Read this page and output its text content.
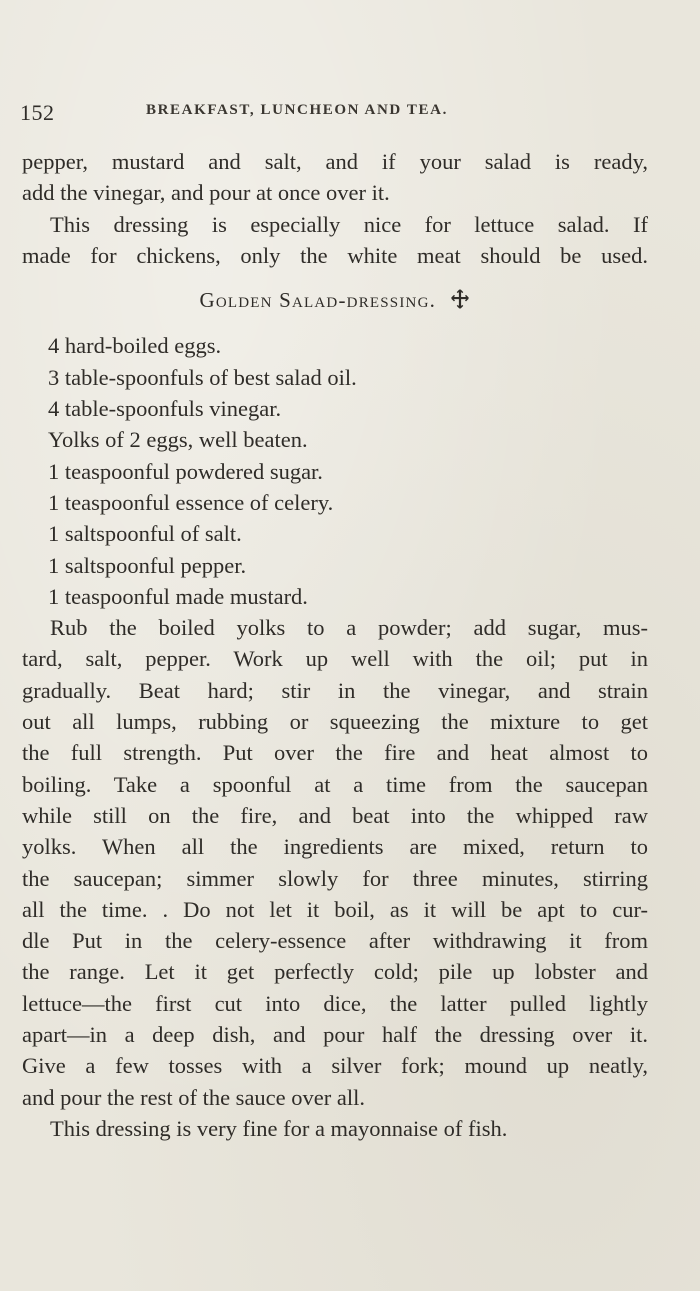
152	BREAKFAST, LUNCHEON AND TEA.
pepper, mustard and salt, and if your salad is ready,
add the vinegar, and pour at once over it.
This dressing is especially nice for lettuce salad. If
made for chickens, only the white meat should be used.
Golden Salad-dressing.
4 hard-boiled eggs.
3 table-spoonfuls of best salad oil.
4 table-spoonfuls vinegar.
Yolks of 2 eggs, well beaten.
1 teaspoonful powdered sugar.
1 teaspoonful essence of celery.
1 saltspoonful of salt.
1 saltspoonful pepper.
1 teaspoonful made mustard.
Rub the boiled yolks to a powder; add sugar, mus-
tard, salt, pepper. Work up well with the oil; put in
gradually. Beat hard; stir in the vinegar, and strain
out all lumps, rubbing or squeezing the mixture to get
the full strength. Put over the fire and heat almost to
boiling. Take a spoonful at a time from the saucepan
while still on the fire, and beat into the whipped raw
yolks. When all the ingredients are mixed, return to
the saucepan; simmer slowly for three minutes, stirring
all the time. . Do not let it boil, as it will be apt to cur-
dle Put in the celery-essence after withdrawing it from
the range. Let it get perfectly cold; pile up lobster and
lettuce—the first cut into dice, the latter pulled lightly
apart—in a deep dish, and pour half the dressing over it.
Give a few tosses with a silver fork; mound up neatly,
and pour the rest of the sauce over all.
This dressing is very fine for a mayonnaise of fish.
